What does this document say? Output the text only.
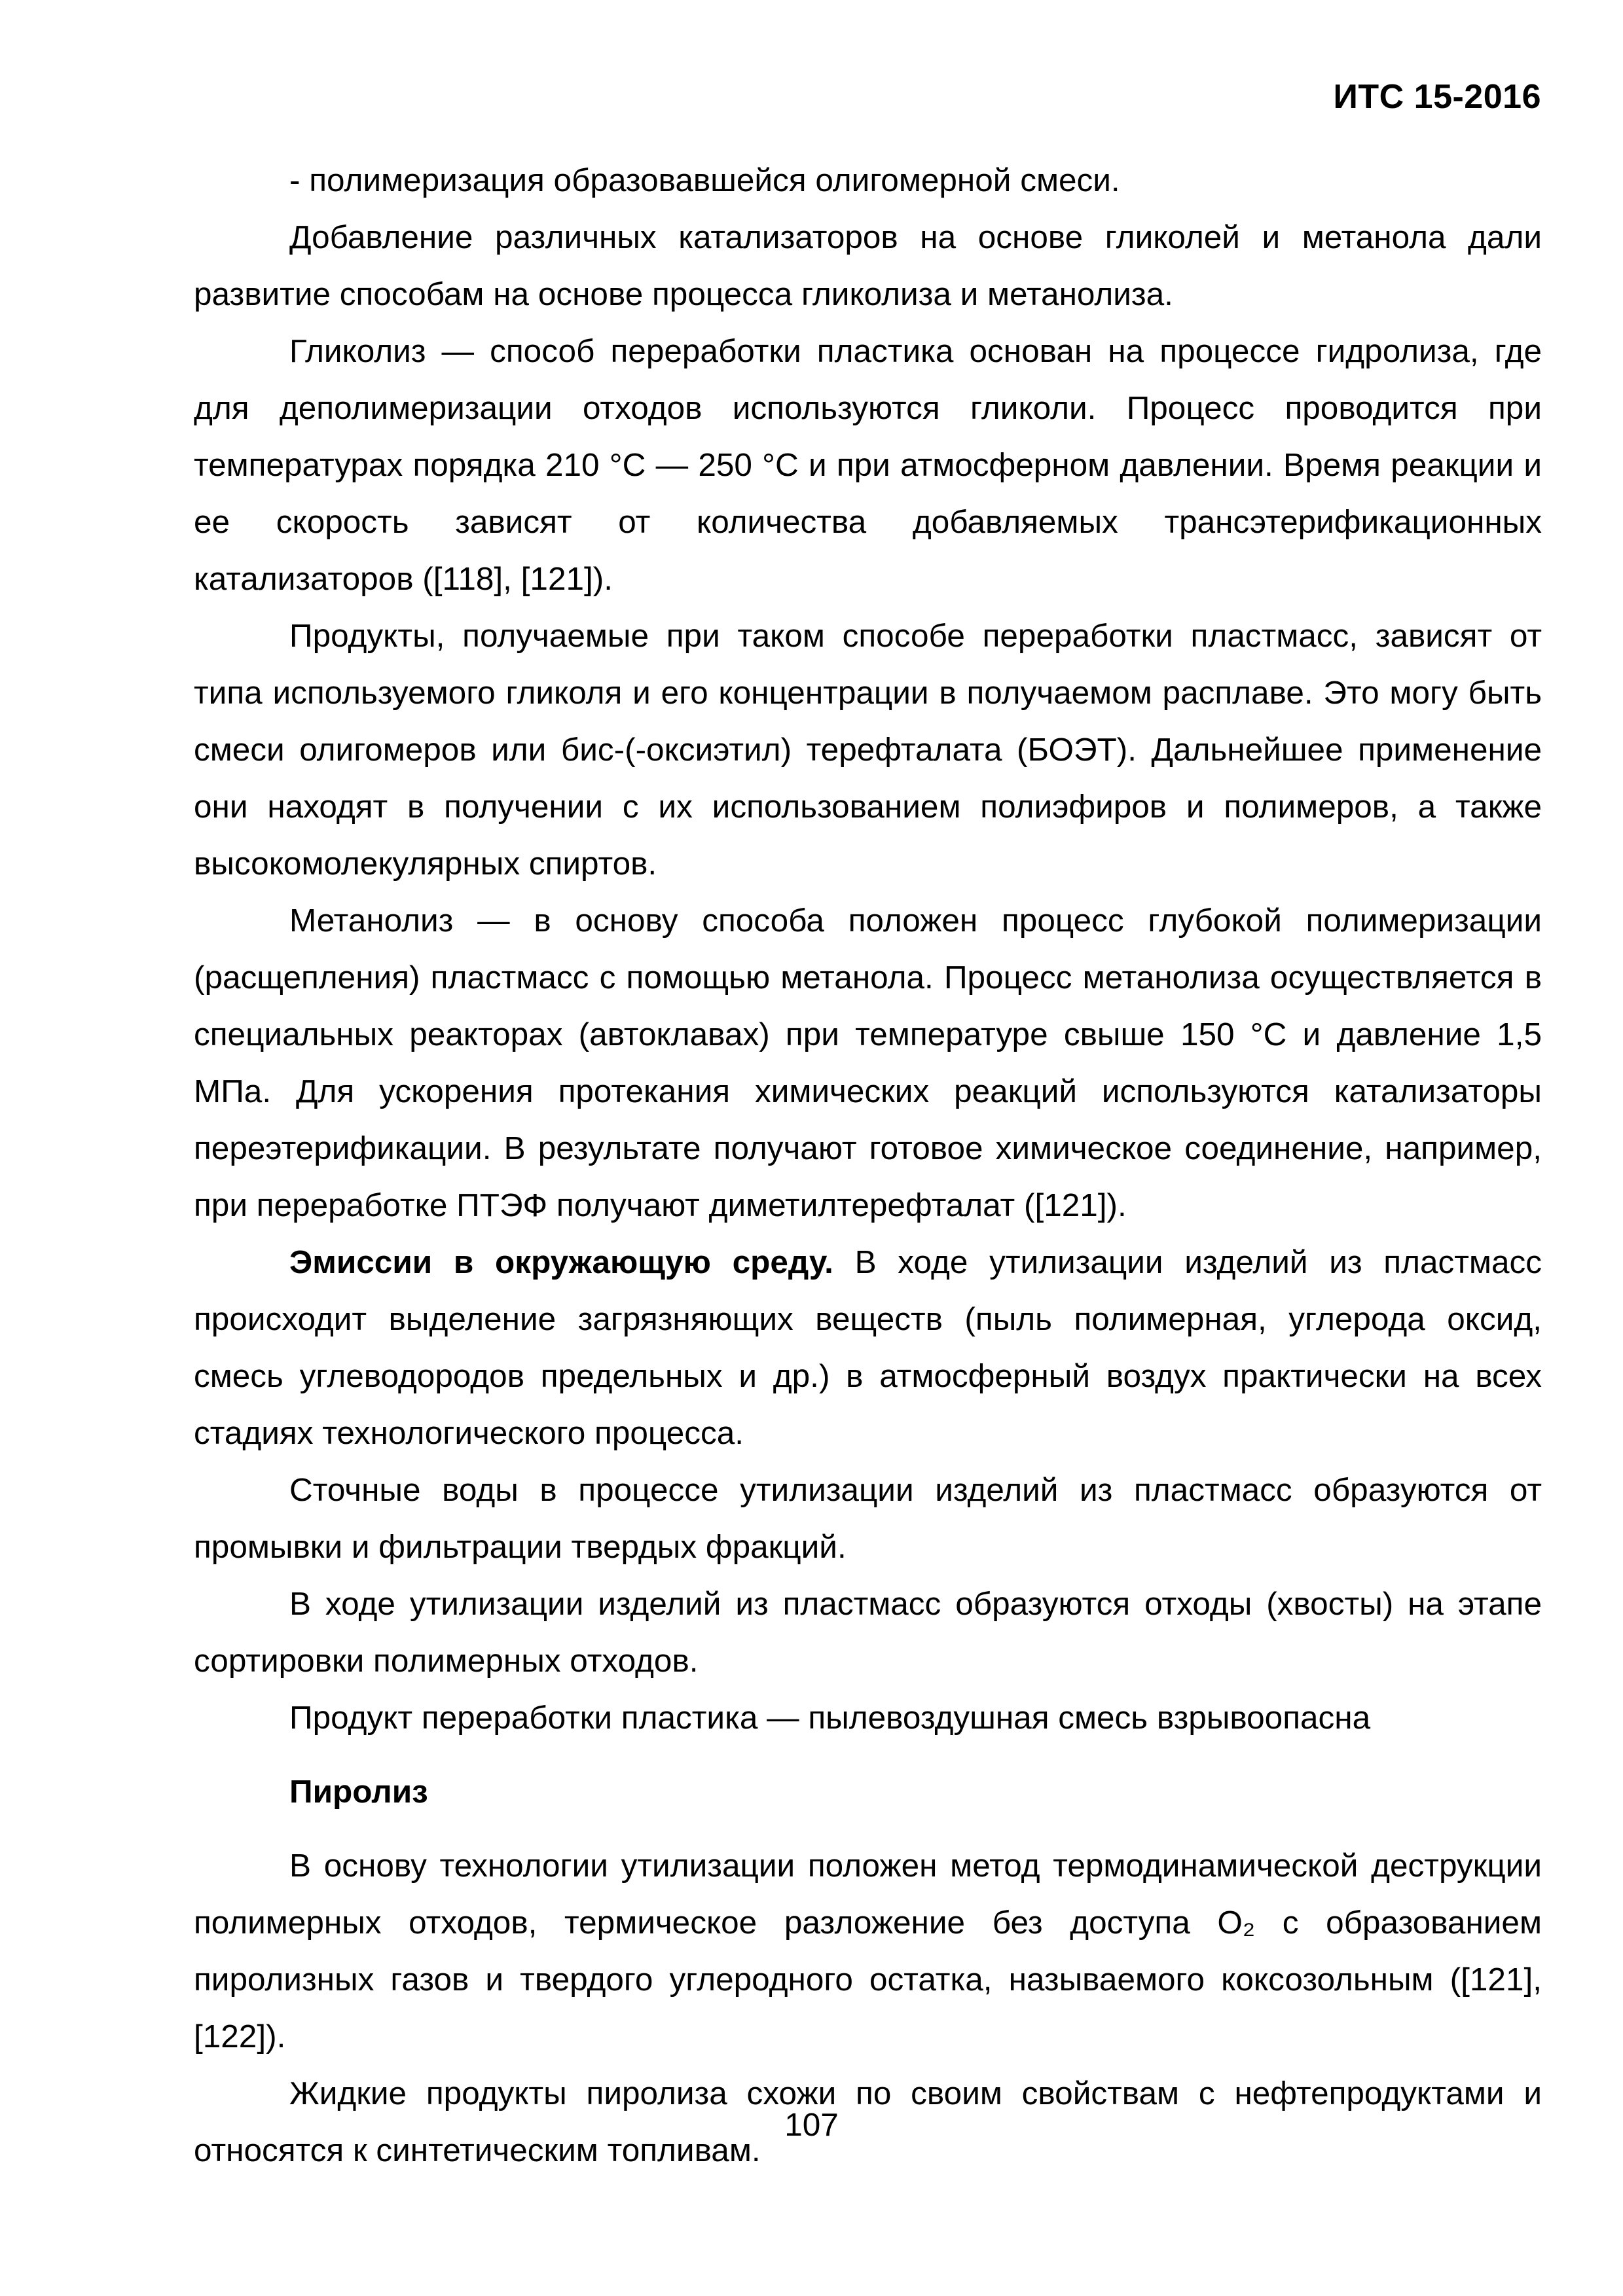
ИТС 15-2016

- полимеризация образовавшейся олигомерной смеси.

Добавление различных катализаторов на основе гликолей и метанола дали развитие способам на основе процесса гликолиза и метанолиза.

Гликолиз — способ переработки пластика основан на процессе гидролиза, где для деполимеризации отходов используются гликоли. Процесс проводится при температурах порядка 210 °С — 250 °С и при атмосферном давлении. Время реакции и ее скорость зависят от количества добавляемых трансэтерификационных катализаторов ([118], [121]).

Продукты, получаемые при таком способе переработки пластмасс, зависят от типа используемого гликоля и его концентрации в получаемом расплаве. Это могу быть смеси олигомеров или бис-(-оксиэтил) терефталата (БОЭТ). Дальнейшее применение они находят в получении с их использованием полиэфиров и полимеров, а также высокомолекулярных спиртов.

Метанолиз — в основу способа положен процесс глубокой полимеризации (расщепления) пластмасс с помощью метанола. Процесс метанолиза осуществляется в специальных реакторах (автоклавах) при температуре свыше 150 °С и давление 1,5 МПа. Для ускорения протекания химических реакций используются катализаторы переэтерификации. В результате получают готовое химическое соединение, например, при переработке ПТЭФ получают диметилтерефталат ([121]).

Эмиссии в окружающую среду. В ходе утилизации изделий из пластмасс происходит выделение загрязняющих веществ (пыль полимерная, углерода оксид, смесь углеводородов предельных и др.) в атмосферный воздух практически на всех стадиях технологического процесса.

Сточные воды в процессе утилизации изделий из пластмасс образуются от промывки и фильтрации твердых фракций.

В ходе утилизации изделий из пластмасс образуются отходы (хвосты) на этапе сортировки полимерных отходов.

Продукт переработки пластика — пылевоздушная смесь взрывоопасна

Пиролиз

В основу технологии утилизации положен метод термодинамической деструкции полимерных отходов, термическое разложение без доступа О₂ с образованием пиролизных газов и твердого углеродного остатка, называемого коксозольным ([121], [122]).

Жидкие продукты пиролиза схожи по своим свойствам с нефтепродуктами и относятся к синтетическим топливам.

107
